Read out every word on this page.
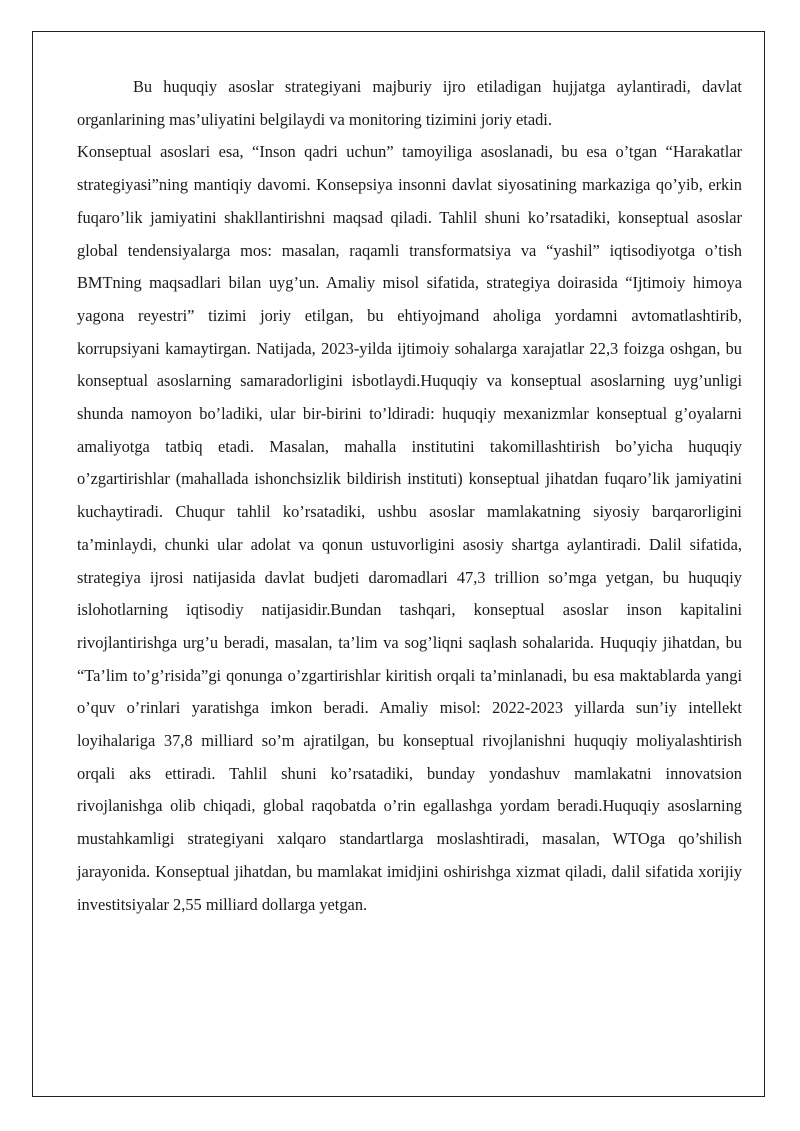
Bu huquqiy asoslar strategiyani majburiy ijro etiladigan hujjatga aylantiradi, davlat organlarining mas’uliyatini belgilaydi va monitoring tizimini joriy etadi.

Konseptual asoslari esa, “Inson qadri uchun” tamoyiliga asoslanadi, bu esa o’tgan “Harakatlar strategiyasi”ning mantiqiy davomi. Konsepsiya insonni davlat siyosatining markaziga qo’yib, erkin fuqaro’lik jamiyatini shakllantirishni maqsad qiladi. Tahlil shuni ko’rsatadiki, konseptual asoslar global tendensiyalarga mos: masalan, raqamli transformatsiya va “yashil” iqtisodiyotga o’tish BMTning maqsadlari bilan uyg’un. Amaliy misol sifatida, strategiya doirasida “Ijtimoiy himoya yagona reyestri” tizimi joriy etilgan, bu ehtiyojmand aholiga yordamni avtomatlashtirib, korrupsiyani kamaytirgan. Natijada, 2023-yilda ijtimoiy sohalarga xarajatlar 22,3 foizga oshgan, bu konseptual asoslarning samaradorligini isbotlaydi.Huquqiy va konseptual asoslarning uyg’unligi shunda namoyon bo’ladiki, ular bir-birini to’ldiradi: huquqiy mexanizmlar konseptual g’oyalarni amaliyotga tatbiq etadi. Masalan, mahalla institutini takomillashtirish bo’yicha huquqiy o’zgartirishlar (mahallada ishonchsizlik bildirish instituti) konseptual jihatdan fuqaro’lik jamiyatini kuchaytiradi. Chuqur tahlil ko’rsatadiki, ushbu asoslar mamlakatning siyosiy barqarorligini ta’minlaydi, chunki ular adolat va qonun ustuvorligini asosiy shartga aylantiradi. Dalil sifatida, strategiya ijrosi natijasida davlat budjeti daromadlari 47,3 trillion so’mga yetgan, bu huquqiy islohotlarning iqtisodiy natijasidir.Bundan tashqari, konseptual asoslar inson kapitalini rivojlantirishga urg’u beradi, masalan, ta’lim va sog’liqni saqlash sohalarida. Huquqiy jihatdan, bu “Ta’lim to’g’risida”gi qonunga o’zgartirishlar kiritish orqali ta’minlanadi, bu esa maktablarda yangi o’quv o’rinlari yaratishga imkon beradi. Amaliy misol: 2022-2023 yillarda sun’iy intellekt loyihalariga 37,8 milliard so’m ajratilgan, bu konseptual rivojlanishni huquqiy moliyalashtirish orqali aks ettiradi. Tahlil shuni ko’rsatadiki, bunday yondashuv mamlakatni innovatsion rivojlanishga olib chiqadi, global raqobatda o’rin egallashga yordam beradi.Huquqiy asoslarning mustahkamligi strategiyani xalqaro standartlarga moslashtiradi, masalan, WTOga qo’shilish jarayonida. Konseptual jihatdan, bu mamlakat imidjini oshirishga xizmat qiladi, dalil sifatida xorijiy investitsiyalar 2,55 milliard dollarga yetgan.
